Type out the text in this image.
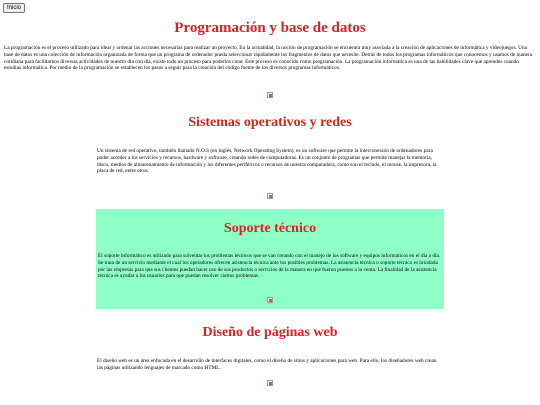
Inicio
Programación y base de datos

La programación es el proceso utilizado para idear y ordenar las acciones necesarias para realizar un proyecto. En la actualidad, la noción de programación se encuentra muy asociada a la creación de aplicaciones de informática y videojuegos. Una base de datos es una colección de información organizada de forma que un programa de ordenador pueda seleccionar rápidamente los fragmentos de datos que necesite. Detrás de todos los programas informáticos que conocemos y usamos de manera cotidiana para facilitarnos diversas actividades de nuestro día con día, existe todo un proceso para poderlos crear. Este proceso es conocido como programación. La programación informática es una de las habilidades clave que aprendes cuando estudias informática. Por medio de la programación se establecen los pasos a seguir para la creación del código fuente de los diversos programas informáticos.

Sistemas operativos y redes

Un sistema de red operativo, también llamado N.O.S (en inglés, Network Operating System), es un software que permite la interconexión de ordenadores para poder acceder a los servicios y recursos, hardware y software, creando redes de computadoras. Es un conjunto de programas que permite manejar la memoria, disco, medios de almacenamiento de información y los diferentes periféricos o recursos de nuestra computadora, como son el teclado, el mouse, la impresora, la placa de red, entre otros.

Soporte técnico

El soporte informático es utilizado para solventar los problemas técnicos que se van creando con el manejo de los software y equipos informáticos en el día a día. Se trata de un servicio mediante el cual los operadores ofrecen asistencia técnica ante los posibles problemas. La asistencia técnica o soporte técnico es brindada por las empresas para que sus clientes puedan hacer uso de sus productos o servicios de la manera en que fueron puestos a la venta. La finalidad de la asistencia técnica es ayudar a los usuarios para que puedan resolver ciertos problemas.

Diseño de páginas web

El diseño web es un área enfocada en el desarrollo de interfaces digitales, como el diseño de sitios y aplicaciones para web. Para ello, los diseñadores web crean las páginas utilizando lenguajes de marcado como HTML.
